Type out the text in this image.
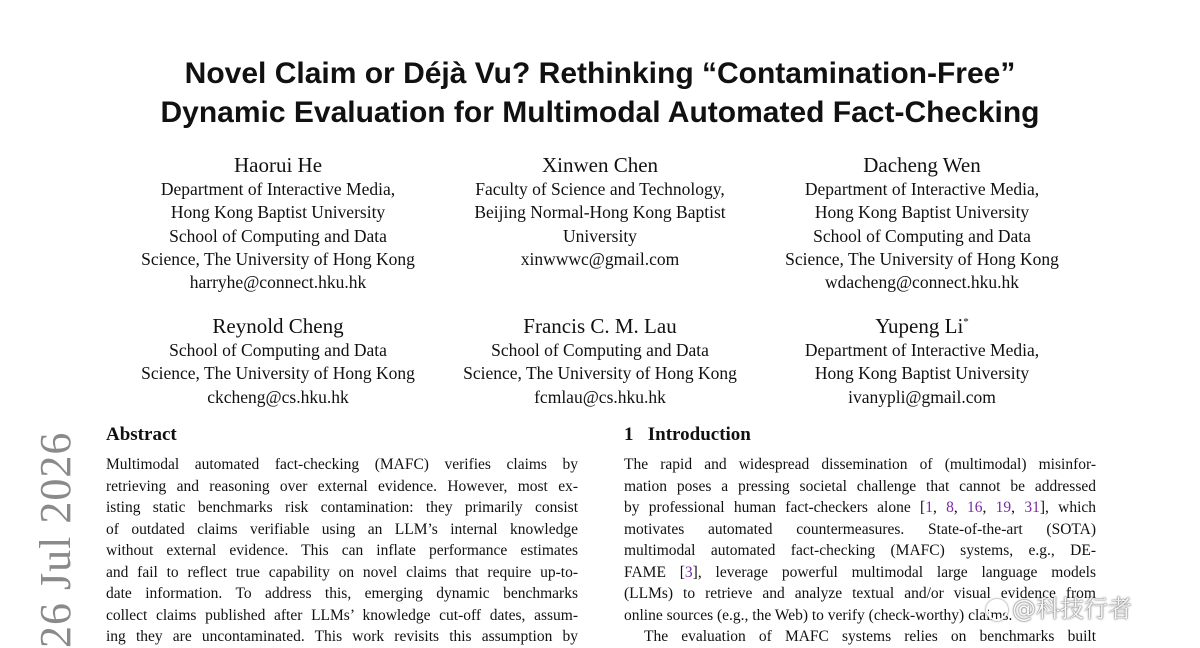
Novel Claim or Déjà Vu? Rethinking “Contamination-Free”
Dynamic Evaluation for Multimodal Automated Fact-Checking
Haorui He
Department of Interactive Media,
Hong Kong Baptist University
School of Computing and Data
Science, The University of Hong Kong
harryhe@connect.hku.hk
Xinwen Chen
Faculty of Science and Technology,
Beijing Normal-Hong Kong Baptist
University
xinwwwc@gmail.com
Dacheng Wen
Department of Interactive Media,
Hong Kong Baptist University
School of Computing and Data
Science, The University of Hong Kong
wdacheng@connect.hku.hk
Reynold Cheng
School of Computing and Data
Science, The University of Hong Kong
ckcheng@cs.hku.hk
Francis C. M. Lau
School of Computing and Data
Science, The University of Hong Kong
fcmlau@cs.hku.hk
Yupeng Li*
Department of Interactive Media,
Hong Kong Baptist University
ivanypli@gmail.com
Abstract
Multimodal automated fact-checking (MAFC) verifies claims by
retrieving and reasoning over external evidence. However, most ex-
isting static benchmarks risk contamination: they primarily consist
of outdated claims verifiable using an LLM’s internal knowledge
without external evidence. This can inflate performance estimates
and fail to reflect true capability on novel claims that require up-to-
date information. To address this, emerging dynamic benchmarks
collect claims published after LLMs’ knowledge cut-off dates, assum-
ing they are uncontaminated. This work revisits this assumption by
1 Introduction
The rapid and widespread dissemination of (multimodal) misinfor-
mation poses a pressing societal challenge that cannot be addressed
by professional human fact-checkers alone [1, 8, 16, 19, 31], which
motivates automated countermeasures. State-of-the-art (SOTA)
multimodal automated fact-checking (MAFC) systems, e.g., DE-
FAME [3], leverage powerful multimodal large language models
(LLMs) to retrieve and analyze textual and/or visual evidence from
online sources (e.g., the Web) to verify (check-worthy) claims.
The evaluation of MAFC systems relies on benchmarks built
26 Jul 2026	@科技行者
